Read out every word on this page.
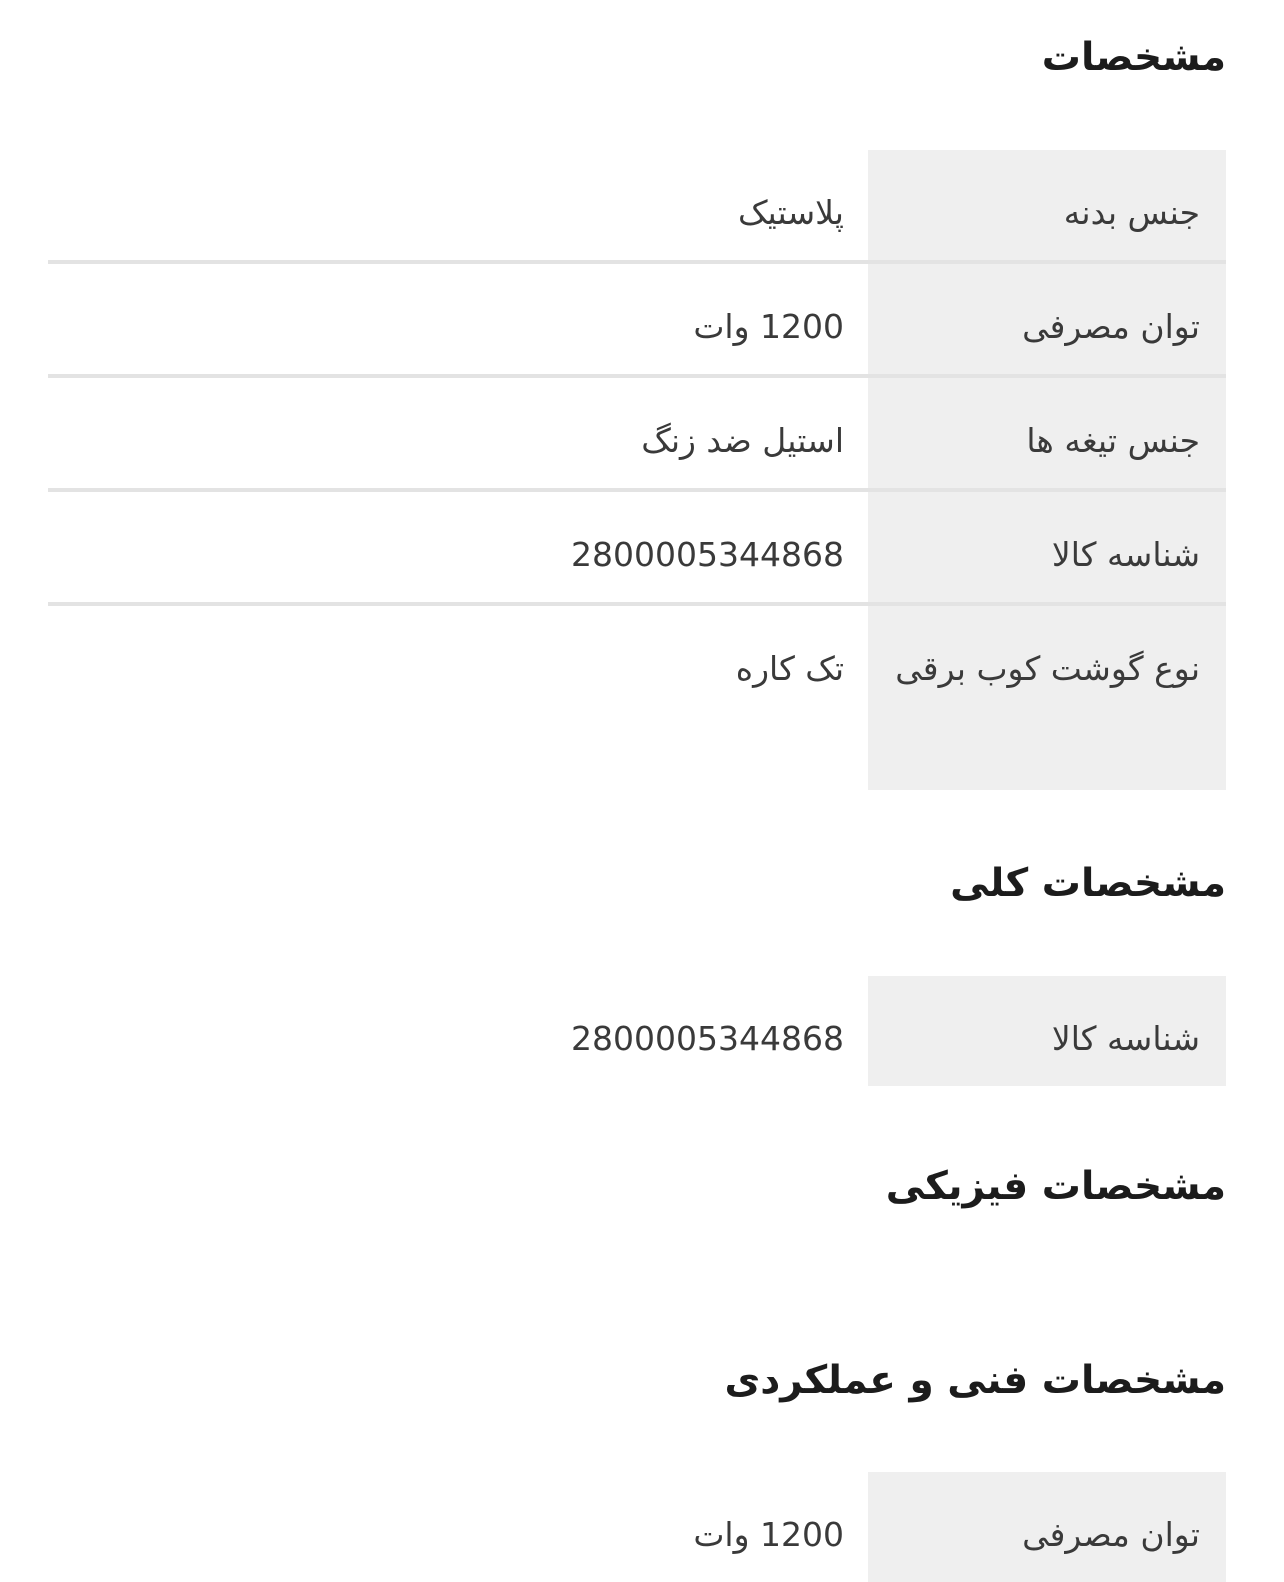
مشخصات
جنس بدنه
پلاستیک
توان مصرفی
1200 وات
جنس تیغه ها
استیل ضد زنگ
شناسه کالا
2800005344868
نوع گوشت کوب برقی
تک کاره
مشخصات کلی
شناسه کالا
2800005344868
مشخصات فیزیکی
مشخصات فنی و عملکردی
توان مصرفی
1200 وات
